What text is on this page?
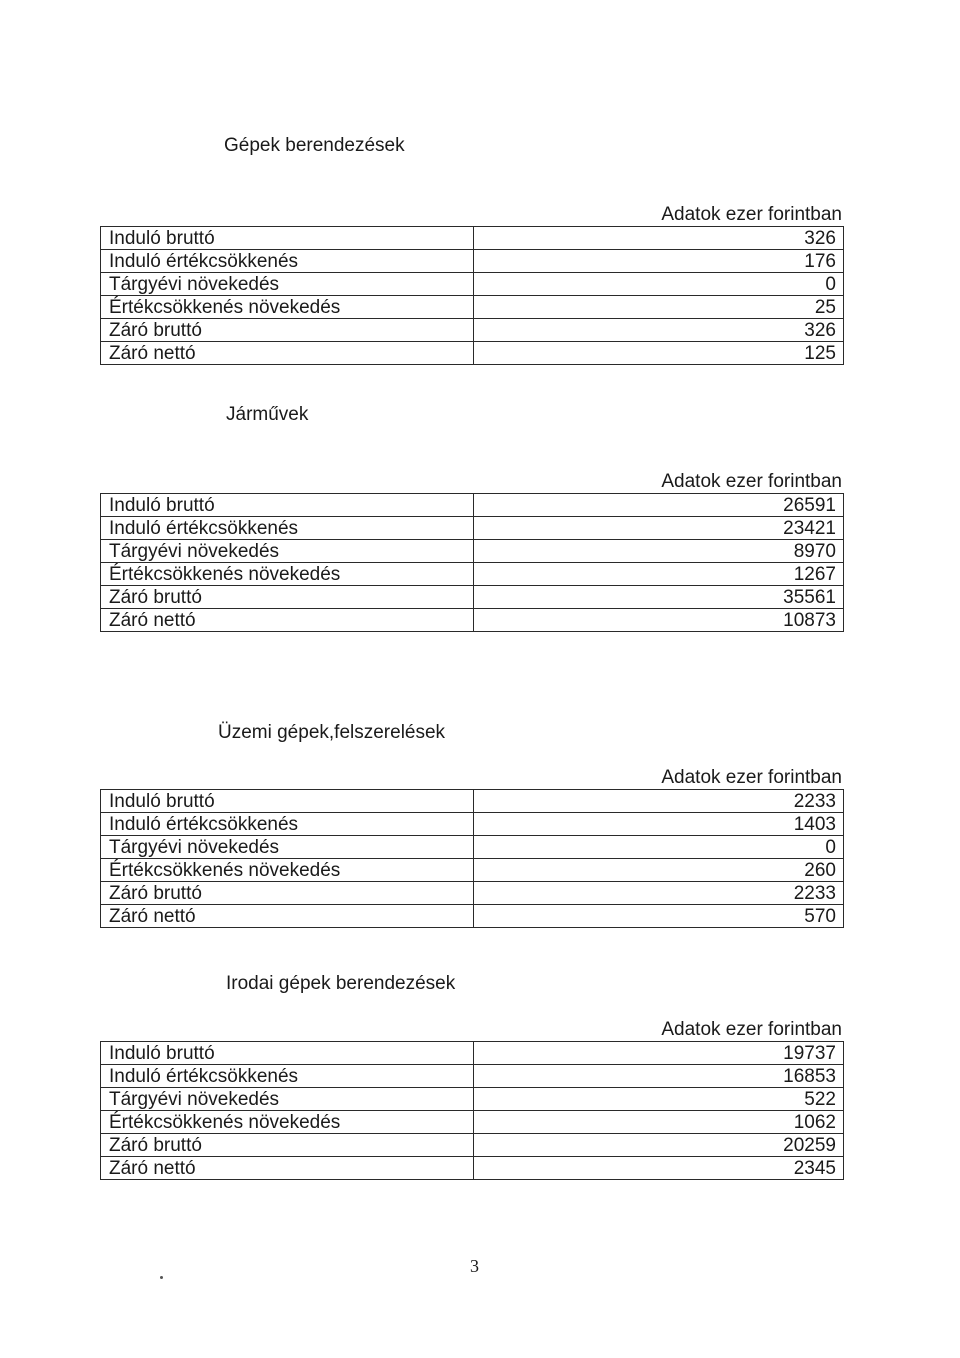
Gépek berendezések
Adatok ezer forintban
Induló bruttó	326
Induló értékcsökkenés	176
Tárgyévi növekedés	0
Értékcsökkenés növekedés	25
Záró bruttó	326
Záró nettó	125
Járművek
Adatok ezer forintban
Induló bruttó	26591
Induló értékcsökkenés	23421
Tárgyévi növekedés	8970
Értékcsökkenés növekedés	1267
Záró bruttó	35561
Záró nettó	10873
Üzemi gépek,felszerelések
Adatok ezer forintban
Induló bruttó	2233
Induló értékcsökkenés	1403
Tárgyévi növekedés	0
Értékcsökkenés növekedés	260
Záró bruttó	2233
Záró nettó	570
Irodai gépek berendezések
Adatok ezer forintban
Induló bruttó	19737
Induló értékcsökkenés	16853
Tárgyévi növekedés	522
Értékcsökkenés növekedés	1062
Záró bruttó	20259
Záró nettó	2345
3
